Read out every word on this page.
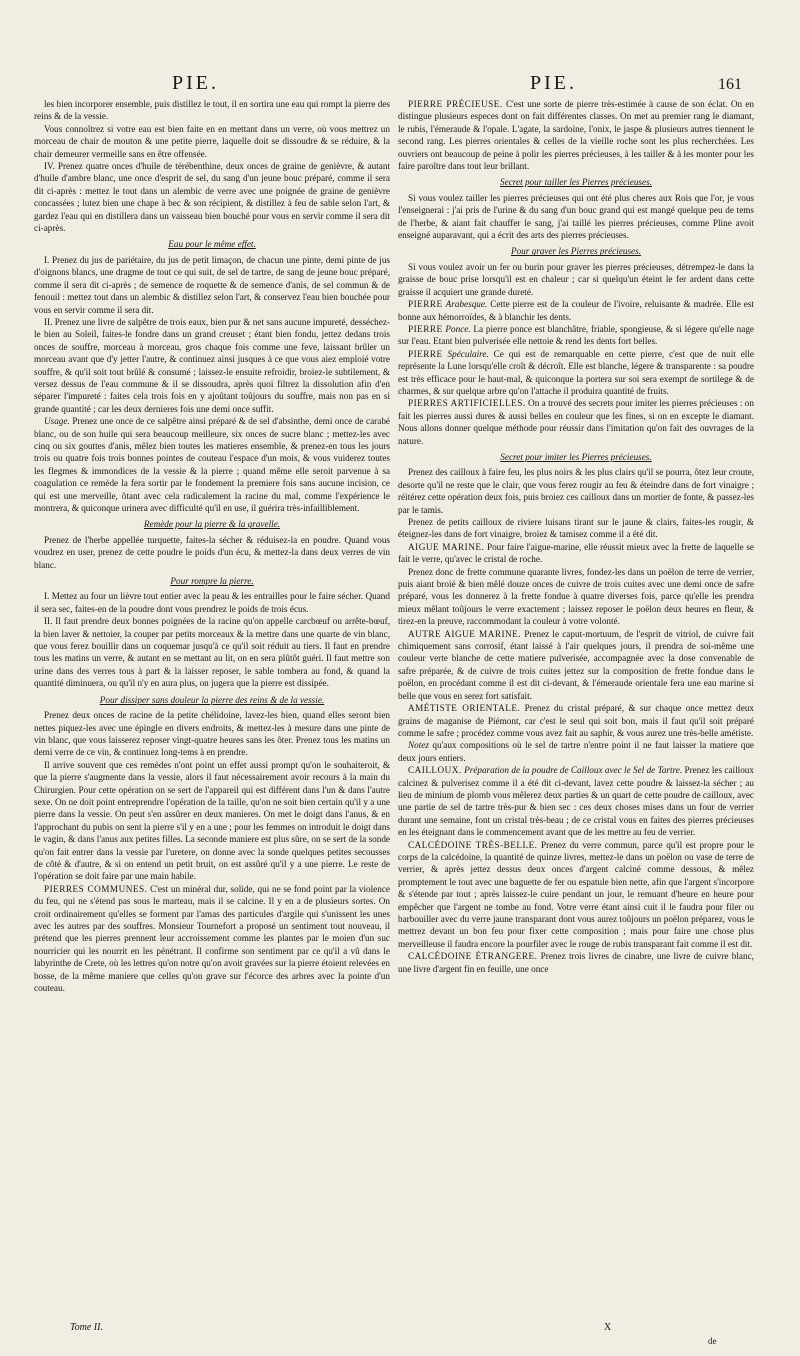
PIE.	PIE.	161

les bien incorporer ensemble, puis distillez le tout, il en sortira une eau qui rompt la pierre des reins & de la vessie.

Vous connoîtrez si votre eau est bien faite en en mettant dans un verre, où vous mettrez un morceau de chair de mouton & une petite pierre, laquelle doit se dissoudre & se réduire, & la chair demeurer vermeille sans en être offensée.

IV. Prenez quatre onces d'huile de térébenthine, deux onces de graine de genièvre, & autant d'huile d'ambre blanc, une once d'esprit de sel, du sang d'un jeune bouc préparé, comme il sera dit ci-après : mettez le tout dans un alembic de verre avec une poignée de graine de genièvre concassées ; lutez bien une chape à bec & son récipient, & distillez à feu de sable selon l'art, & gardez l'eau qui en distillera dans un vaisseau bien bouché pour vous en servir comme il sera dit ci-après.

Eau pour le même effet.

I. Prenez du jus de pariétaire, du jus de petit limaçon, de chacun une pinte, demi pinte de jus d'oignons blancs, une dragme de tout ce qui suit, de sel de tartre, de sang de jeune bouc préparé, comme il sera dit ci-après ; de semence de roquette & de semence d'anis, de sel commun & de fenouil : mettez tout dans un alembic & distillez selon l'art, & conservez l'eau bien bouchée pour vous en servir comme il sera dit.

II. Prenez une livre de salpêtre de trois eaux, bien pur & net sans aucune impureté, desséchez-le bien au Soleil, faites-le fondre dans un grand creuset ; étant bien fondu, jettez dedans trois onces de souffre, morceau à morceau, gros chaque fois comme une feve, laissant brûler un morceau avant que d'y jetter l'autre, & continuez ainsi jusques à ce que vous aiez emploié votre souffre, & qu'il soit tout brûlé & consumé ; laissez-le ensuite refroidir, broiez-le subtilement, & versez dessus de l'eau commune & il se dissoudra, après quoi filtrez la dissolution afin d'en séparer l'impureté : faites cela trois fois en y ajoûtant toûjours du souffre, mais non pas en si grande quantité ; car les deux dernieres fois une demi once suffit.

Usage. Prenez une once de ce salpêtre ainsi préparé & de sel d'absinthe, demi once de carabé blanc, ou de son huile qui sera beaucoup meilleure, six onces de sucre blanc ; mettez-les avec cinq ou six gouttes d'anis, mêlez bien toutes les matieres ensemble, & prenez-en tous les jours trois ou quatre fois trois bonnes pointes de couteau l'espace d'un mois, & vous vuiderez toutes les flegmes & immondices de la vessie & la pierre ; quand même elle seroit parvenue à sa coagulation ce remède la fera sortir par le fondement la premiere fois sans aucune incision, ce qui est une merveille, ôtant avec cela radicalement la racine du mal, comme l'expérience le montrera, & quiconque urinera avec difficulté qu'il en use, il guérira très-infailliblement.

Remède pour la pierre & la gravelle.

Prenez de l'herbe appellée turquette, faites-la sécher & réduisez-la en poudre. Quand vous voudrez en user, prenez de cette poudre le poids d'un écu, & mettez-la dans deux verres de vin blanc.

Pour rompre la pierre.

I. Mettez au four un lièvre tout entier avec la peau & les entrailles pour le faire sécher. Quand il sera sec, faites-en de la poudre dont vous prendrez le poids de trois écus.

II. Il faut prendre deux bonnes poignées de la racine qu'on appelle carcbœuf ou arrête-bœuf, la bien laver & nettoier, la couper par petits morceaux & la mettre dans une quarte de vin blanc, que vous ferez bouillir dans un coquemar jusqu'à ce qu'il soit réduit au tiers. Il faut en prendre tous les matins un verre, & autant en se mettant au lit, on en sera plûtôt guéri. Il faut mettre son urine dans des verres tous à part & la laisser reposer, le sable tombera au fond, & quand la quantité diminuera, ou qu'il n'y en aura plus, on jugera que la pierre est dissipée.

Pour dissiper sans douleur la pierre des reins & de la vessie.

Prenez deux onces de racine de la petite chélidoine, lavez-les bien, quand elles seront bien nettes piquez-les avec une épingle en divers endroits, & mettez-les à mesure dans une pinte de vin blanc, que vous laisserez reposer vingt-quatre heures sans les ôter. Prenez tous les matins un demi verre de ce vin, & continuez long-tems à en prendre.

Il arrive souvent que ces remèdes n'ont point un effet aussi prompt qu'on le souhaiteroit, & que la pierre s'augmente dans la vessie, alors il faut nécessairement avoir recours à la main du Chirurgien. Pour cette opération on se sert de l'appareil qui est différent dans l'un & dans l'autre sexe. On ne doit point entreprendre l'opération de la taille, qu'on ne soit bien certain qu'il y a une pierre dans la vessie. On peut s'en assûrer en deux manieres. On met le doigt dans l'anus, & en l'approchant du pubis on sent la pierre s'il y en a une ; pour les femmes on introduit le doigt dans le vagin, & dans l'anus aux petites filles. La seconde maniere est plus sûre, on se sert de la sonde qu'on fait entrer dans la vessie par l'uretere, on donne avec la sonde quelques petites secousses de côté & d'autre, & si on entend un petit bruit, on est assûré qu'il y a une pierre. Le reste de l'opération se doit faire par une main habile.

PIERRES COMMUNES. C'est un minéral dur, solide, qui ne se fond point par la violence du feu, qui ne s'étend pas sous le marteau, mais il se calcine. Il y en a de plusieurs sortes. On croit ordinairement qu'elles se forment par l'amas des particules d'argile qui s'unissent les unes avec les autres par des souffres. Monsieur Tournefort a proposé un sentiment tout nouveau, il prétend que les pierres prennent leur accroissement comme les plantes par le moien d'un suc nourricier qui les nourrit en les pénétrant. Il confirme son sentiment par ce qu'il a vû dans le labyrinthe de Crete, où les lettres qu'on notre qu'on avoit gravées sur la pierre étoient relevées en bosse, de la même maniere que celles qu'on grave sur l'écorce des arbres avec la pointe d'un couteau.

PIERRE PRÉCIEUSE. C'est une sorte de pierre très-estimée à cause de son éclat. On en distingue plusieurs especes dont on fait différentes classes. On met au premier rang le diamant, le rubis, l'émeraude & l'opale. L'agate, la sardoine, l'onix, le jaspe & plusieurs autres tiennent le second rang. Les pierres orientales & celles de la vieille roche sont les plus recherchées. Les ouvriers ont beaucoup de peine à polir les pierres précieuses, à les tailler & à les monter pour les faire paroître dans tout leur brillant.

Secret pour tailler les Pierres précieuses.

Si vous voulez tailler les pierres précieuses qui ont été plus cheres aux Rois que l'or, je vous l'enseignerai : j'ai pris de l'urine & du sang d'un bouc grand qui est mangé quelque peu de tems de l'herbe, & aiant fait chauffer le sang, j'ai taillé les pierres précieuses, comme Pline avoit enseigné auparavant, qui a écrit des arts des pierres précieuses.

Pour graver les Pierres précieuses.

Si vous voulez avoir un fer ou burin pour graver les pierres précieuses, détrempez-le dans la graisse de bouc prise lorsqu'il est en chaleur ; car si quelqu'un éteint le fer ardent dans cette graisse il acquiert une grande dureté.

PIERRE Arabesque. Cette pierre est de la couleur de l'ivoire, reluisante & madrée. Elle est bonne aux hémorroïdes, & à blanchir les dents.

PIERRE Ponce. La pierre ponce est blanchâtre, friable, spongieuse, & si légere qu'elle nage sur l'eau. Etant bien pulverisée elle nettoie & rend les dents fort belles.

PIERRE Spéculaire. Ce qui est de remarquable en cette pierre, c'est que de nuit elle représente la Lune lorsqu'elle croît & décroît. Elle est blanche, légere & transparente : sa poudre est très efficace pour le haut-mal, & quiconque la portera sur soi sera exempt de sortilege & de charmes, & sur quelque arbre qu'on l'attache il produira quantité de fruits.

PIERRES ARTIFICIELLES. On a trouvé des secrets pour imiter les pierres précieuses : on fait les pierres aussi dures & aussi belles en couleur que les fines, si on en excepte le diamant. Nous allons donner quelque méthode pour réussir dans l'imitation qu'on fait des ouvrages de la nature.

Secret pour imiter les Pierres précieuses.

Prenez des cailloux à faire feu, les plus noirs & les plus clairs qu'il se pourra, ôtez leur croute, desorte qu'il ne reste que le clair, que vous ferez rougir au feu & éteindre dans de fort vinaigre ; réitérez cette opération deux fois, puis broiez ces cailloux dans un mortier de fonte, & passez-les par le tamis.

Prenez de petits cailloux de riviere luisans tirant sur le jaune & clairs, faites-les rougir, & éteignez-les dans de fort vinaigre, broiez & tamisez comme il a été dit.

AIGUE MARINE. Pour faire l'aigue-marine, elle réussit mieux avec la frette de laquelle se fait le verre, qu'avec le cristal de roche.

Prenez donc de frette commune quarante livres, fondez-les dans un poëlon de terre de verrier, puis aiant broié & bien mêlé douze onces de cuivre de trois cuites avec une demi once de safre préparé, vous les donnerez à la frette fondue à quatre diverses fois, parce qu'elle les prendra mieux mêlant toûjours le verre exactement ; laissez reposer le poëlon deux heures en fleur, & tirez-en la preuve, raccommodant la couleur à votre volonté.

AUTRE AIGUE MARINE. Prenez le caput-mortuum, de l'esprit de vitriol, de cuivre fait chimiquement sans corrosif, étant laissé à l'air quelques jours, il prendra de soi-même une couleur verte blanche de cette matiere pulverisée, accompagnée avec la dose convenable de safre préparée, & de cuivre de trois cuites jettez sur la composition de frette fondue dans le poëlon, en procédant comme il est dit ci-devant, & l'émeraude orientale fera une eau marine si belle que vous en serez fort satisfait.

AMÉTISTE ORIENTALE. Prenez du cristal préparé, & sur chaque once mettez deux grains de maganise de Piémont, car c'est le seul qui soit bon, mais il faut qu'il soit préparé comme le safre ; procédez comme vous avez fait au saphir, & vous aurez une très-belle amétiste.

Notez qu'aux compositions où le sel de tartre n'entre point il ne faut laisser la matiere que deux jours entiers.

CAILLOUX. Préparation de la poudre de Cailloux avec le Sel de Tartre. Prenez les cailloux calcinez & pulverisez comme il a été dit ci-devant, lavez cette poudre & laissez-la sécher ; au lieu de minium de plomb vous mêlerez deux parties & un quart de cette poudre de cailloux, avec une partie de sel de tartre très-pur & bien sec : ces deux choses mises dans un four de verrier durant une semaine, font un cristal très-beau ; de ce cristal vous en faites des pierres précieuses en les éteignant dans le commencement avant que de les mettre au feu de verrier.

CALCÉDOINE TRÈS-BELLE. Prenez du verre commun, parce qu'il est propre pour le corps de la calcédoine, la quantité de quinze livres, mettez-le dans un poëlon ou vase de terre de verrier, & après jettez dessus deux onces d'argent calciné comme dessous, & mêlez promptement le tout avec une baguette de fer ou espatule bien nette, afin que l'argent s'incorpore & s'étende par tout ; après laissez-le cuire pendant un jour, le remuant d'heure en heure pour empêcher que l'argent ne tombe au fond. Votre verre étant ainsi cuit il le faudra pour filer ou barbouiller avec du verre jaune transparant dont vous aurez toûjours un poëlon préparez, vous le mettrez devant un bon feu pour fixer cette composition ; mais pour faire une chose plus merveilleuse il faudra encore la pourfiler avec le rouge de rubis transparant fait comme il est dit.

CALCÉDOINE ÉTRANGERE. Prenez trois livres de cinabre, une livre de cuivre blanc, une livre d'argent fin en feuille, une once

Tome II.	X
de
